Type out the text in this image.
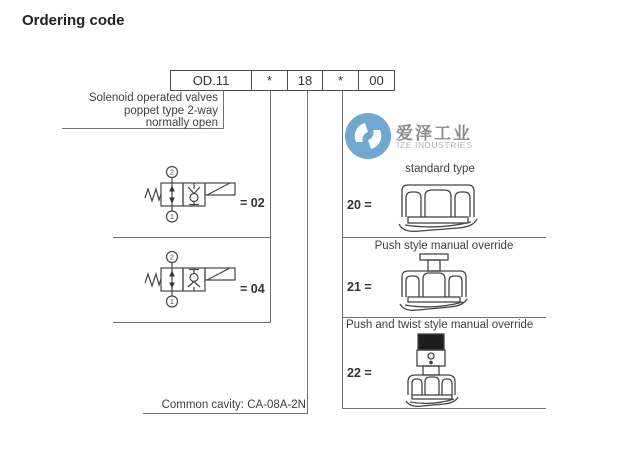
Ordering code
OD.11	*	18	*	00
Solenoid operated valves
poppet type 2-way
normally open
2
1
= 02
2
1
= 04
standard type
20 =
Push style manual override
21 =
Push and twist style manual override
22 =
Common cavity: CA-08A-2N
爱泽工业
IZE INDUSTRIES
